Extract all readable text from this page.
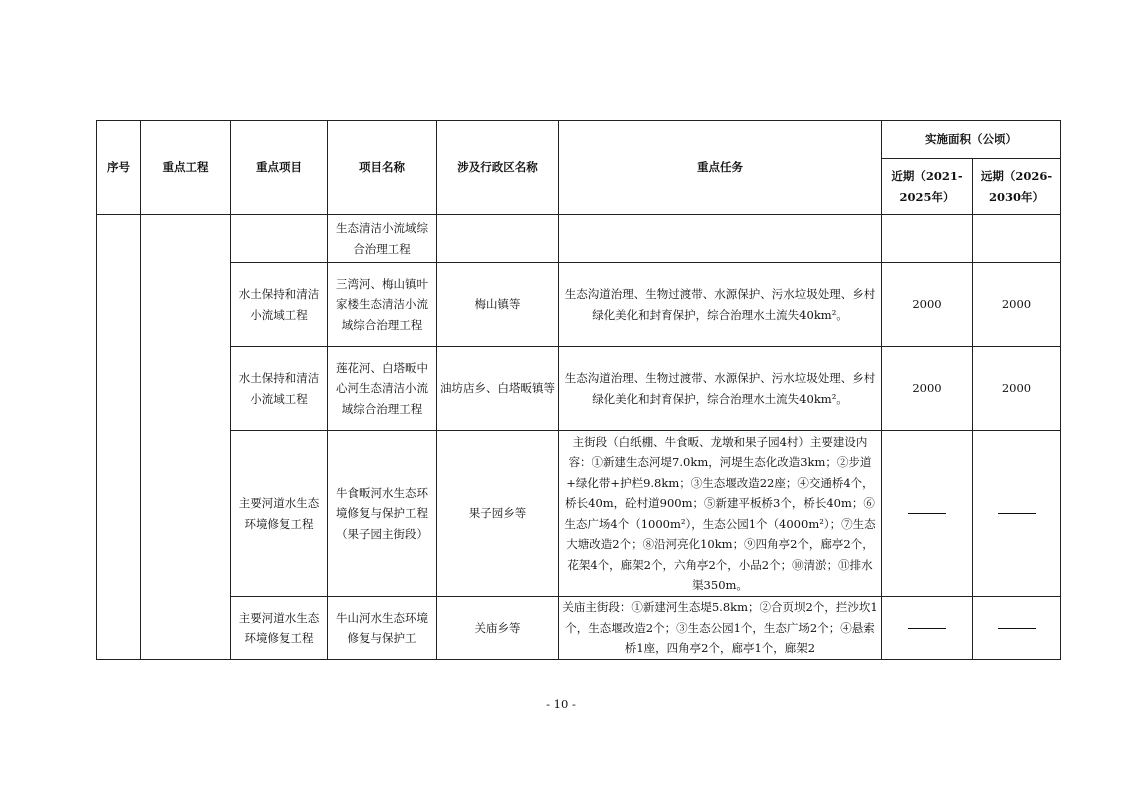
序号	重点工程	重点项目	项目名称	涉及行政区名称	重点任务	实施面积（公顷）	
						近期（2021-2025年）	远期（2026-2030年）
			生态清洁小流域综合治理工程				
		水土保持和清洁小流域工程	三湾河、梅山镇叶家楼生态清洁小流域综合治理工程	梅山镇等	生态沟道治理、生物过渡带、水源保护、污水垃圾处理、乡村绿化美化和封育保护，综合治理水土流失40km²。	2000	2000
		水土保持和清洁小流域工程	莲花河、白塔畈中心河生态清洁小流域综合治理工程	油坊店乡、白塔畈镇等	生态沟道治理、生物过渡带、水源保护、污水垃圾处理、乡村绿化美化和封育保护，综合治理水土流失40km²。	2000	2000
		主要河道水生态环境修复工程	牛食畈河水生态环境修复与保护工程（果子园主街段）	果子园乡等	主街段（白纸棚、牛食畈、龙墩和果子园4村）主要建设内容：①新建生态河堤7.0km，河堤生态化改造3km；②步道+绿化带+护栏9.8km；③生态堰改造22座；④交通桥4个，桥长40m，砼村道900m；⑤新建平板桥3个，桥长40m；⑥生态广场4个（1000m²），生态公园1个（4000m²）；⑦生态大塘改造2个；⑧沿河亮化10km；⑨四角亭2个，廊亭2个，花架4个，廊架2个，六角亭2个，小品2个；⑩清淤；⑪排水渠350m。		
		主要河道水生态环境修复工程	牛山河水生态环境修复与保护工	关庙乡等	关庙主街段：①新建河生态堤5.8km；②合页坝2个，拦沙坎1个，生态堰改造2个；③生态公园1个，生态广场2个；④悬索桥1座，四角亭2个，廊亭1个，廊架2		
- 10 -
